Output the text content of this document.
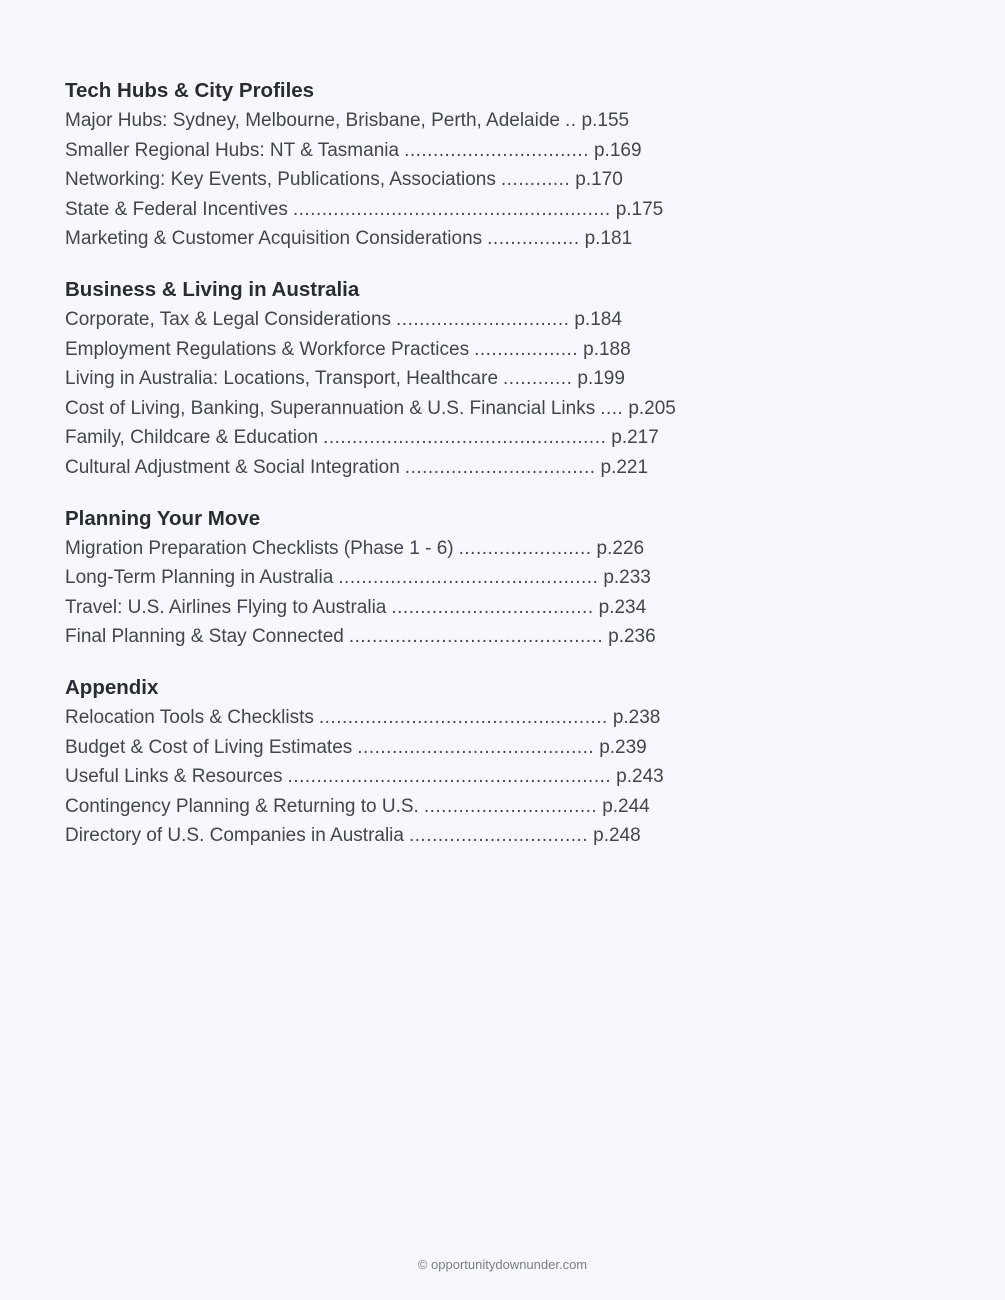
Tech Hubs & City Profiles
Major Hubs: Sydney, Melbourne, Brisbane, Perth, Adelaide .. p.155
Smaller Regional Hubs: NT & Tasmania ................................ p.169
Networking: Key Events, Publications, Associations ............ p.170
State & Federal Incentives ....................................................... p.175
Marketing & Customer Acquisition Considerations ................ p.181
Business & Living in Australia
Corporate, Tax & Legal Considerations .............................. p.184
Employment Regulations & Workforce Practices .................. p.188
Living in Australia: Locations, Transport, Healthcare ............ p.199
Cost of Living, Banking, Superannuation & U.S. Financial Links .... p.205
Family, Childcare & Education ................................................. p.217
Cultural Adjustment & Social Integration ................................. p.221
Planning Your Move
Migration Preparation Checklists (Phase 1 - 6) ....................... p.226
Long-Term Planning in Australia ............................................. p.233
Travel: U.S. Airlines Flying to Australia ................................... p.234
Final Planning & Stay Connected ............................................ p.236
Appendix
Relocation Tools & Checklists .................................................. p.238
Budget & Cost of Living Estimates ......................................... p.239
Useful Links & Resources ........................................................ p.243
Contingency Planning & Returning to U.S. .............................. p.244
Directory of U.S. Companies in Australia ............................... p.248
© opportunitydownunder.com
